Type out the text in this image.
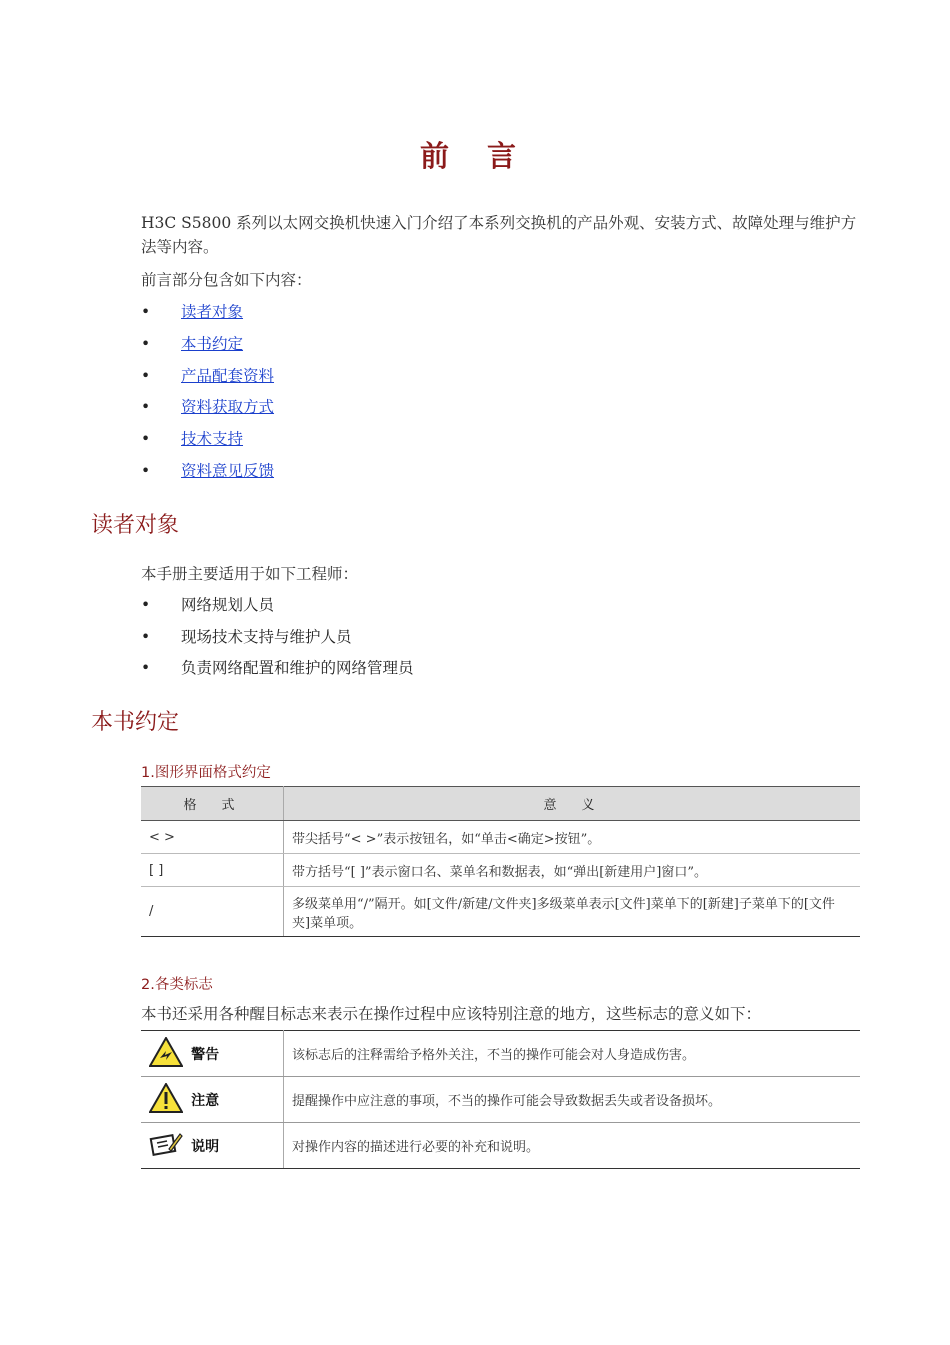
前 言
H3C S5800 系列以太网交换机快速入门介绍了本系列交换机的产品外观、安装方式、故障处理与维护方法等内容。
前言部分包含如下内容：
•	读者对象
•	本书约定
•	产品配套资料
•	资料获取方式
•	技术支持
•	资料意见反馈
读者对象
本手册主要适用于如下工程师：
•	网络规划人员
•	现场技术支持与维护人员
•	负责网络配置和维护的网络管理员
本书约定
1.图形界面格式约定
格　式	意　义
< >	带尖括号“< >”表示按钮名，如“单击<确定>按钮”。
[ ]	带方括号“[ ]”表示窗口名、菜单名和数据表，如“弹出[新建用户]窗口”。
/	多级菜单用“/”隔开。如[文件/新建/文件夹]多级菜单表示[文件]菜单下的[新建]子菜单下的[文件夹]菜单项。
2.各类标志
本书还采用各种醒目标志来表示在操作过程中应该特别注意的地方，这些标志的意义如下：
警告	该标志后的注释需给予格外关注，不当的操作可能会对人身造成伤害。
注意	提醒操作中应注意的事项，不当的操作可能会导致数据丢失或者设备损坏。
说明	对操作内容的描述进行必要的补充和说明。
